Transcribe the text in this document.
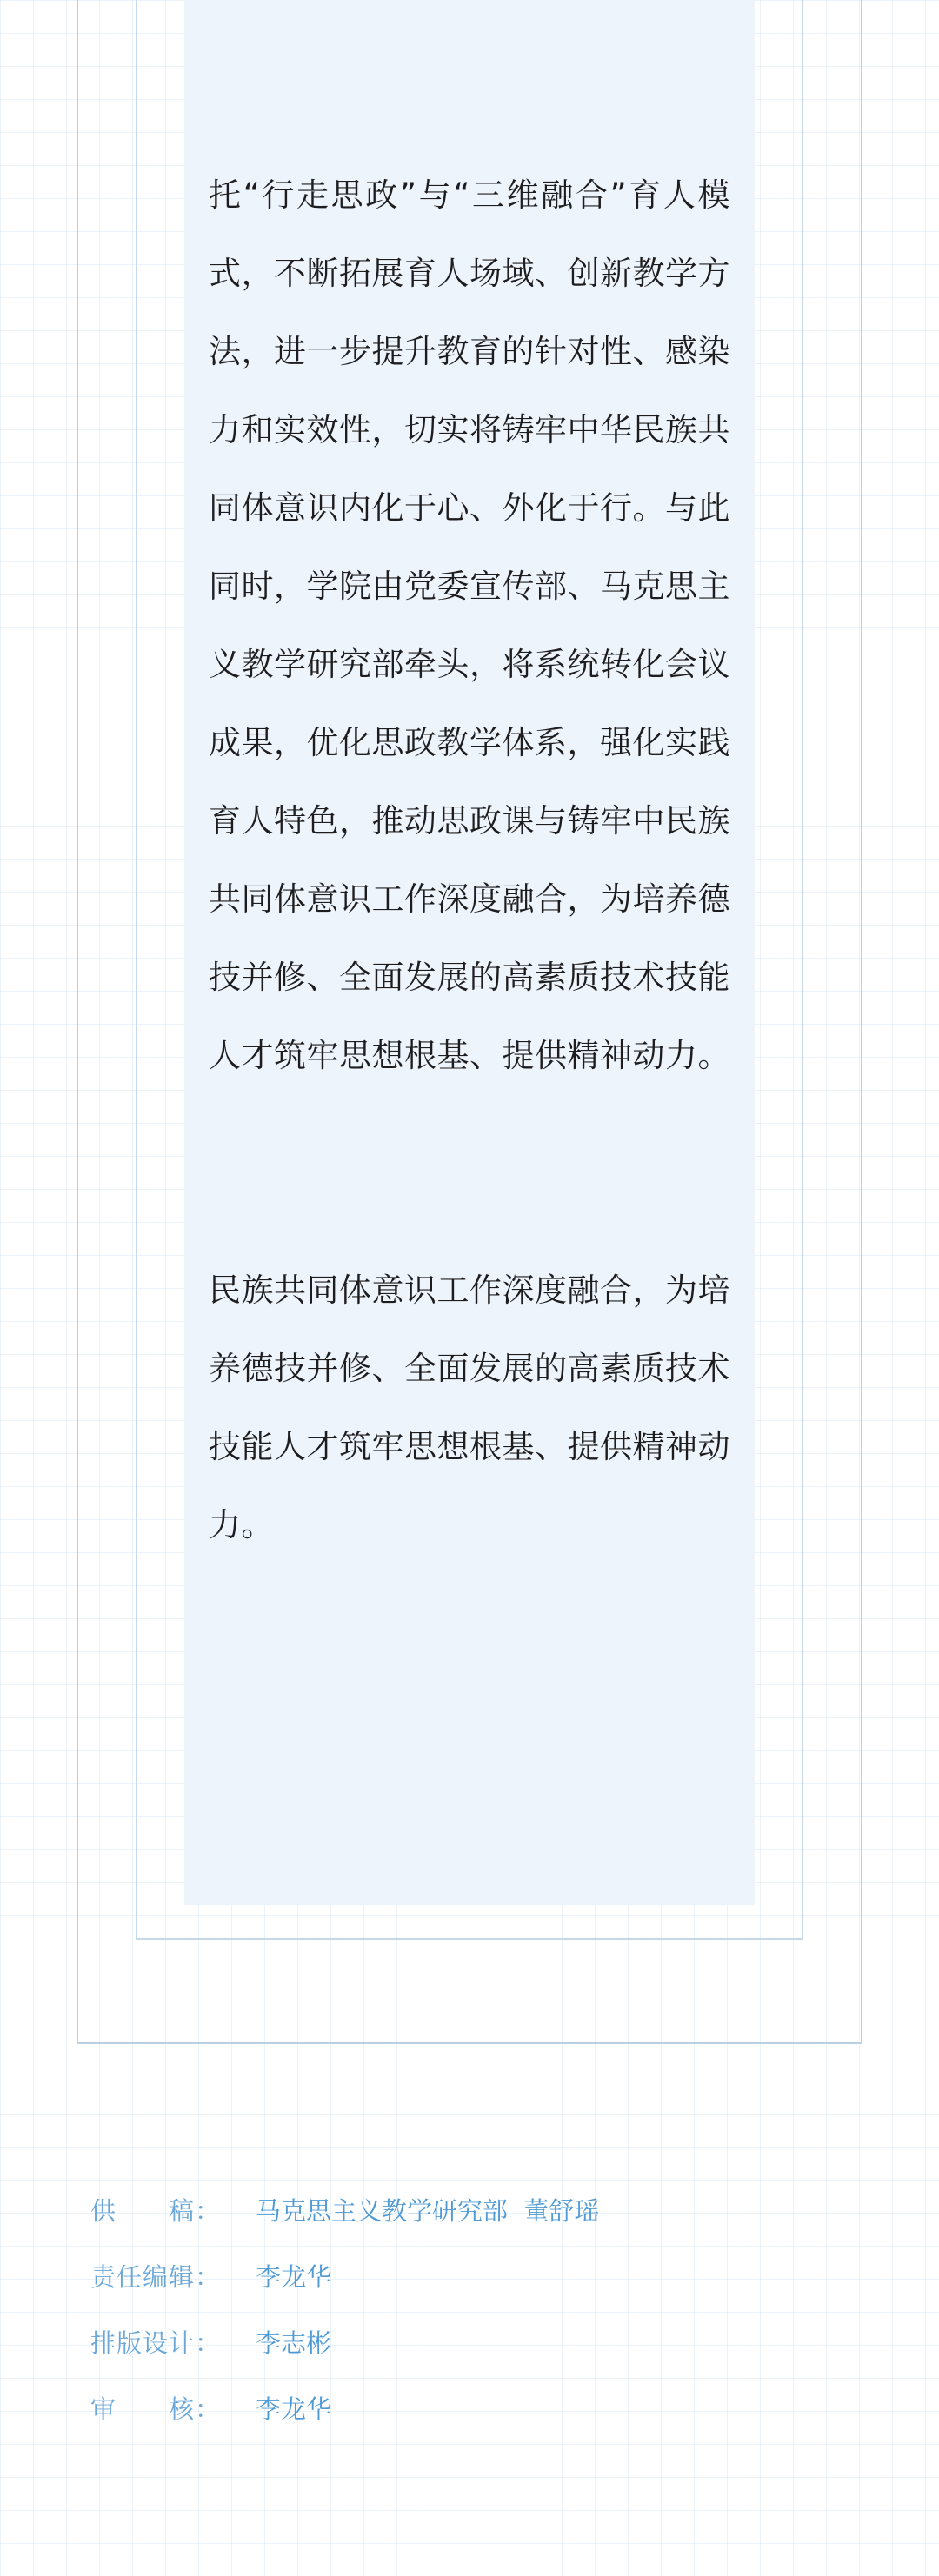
托“行走思政”与“三维融合”育人模式，不断拓展育人场域、创新教学方法，进一步提升教育的针对性、感染力和实效性，切实将铸牢中华民族共同体意识内化于心、外化于行。与此同时，学院由党委宣传部、马克思主义教学研究部牵头，将系统转化会议成果，优化思政教学体系，强化实践育人特色，推动思政课与铸牢中民族共同体意识工作深度融合，为培养德技并修、全面发展的高素质技术技能人才筑牢思想根基、提供精神动力。

民族共同体意识工作深度融合，为培养德技并修、全面发展的高素质技术技能人才筑牢思想根基、提供精神动力。

供　　稿：	马克思主义教学研究部  董舒瑶
责任编辑：	李龙华
排版设计：	李志彬
审　　核：	李龙华
